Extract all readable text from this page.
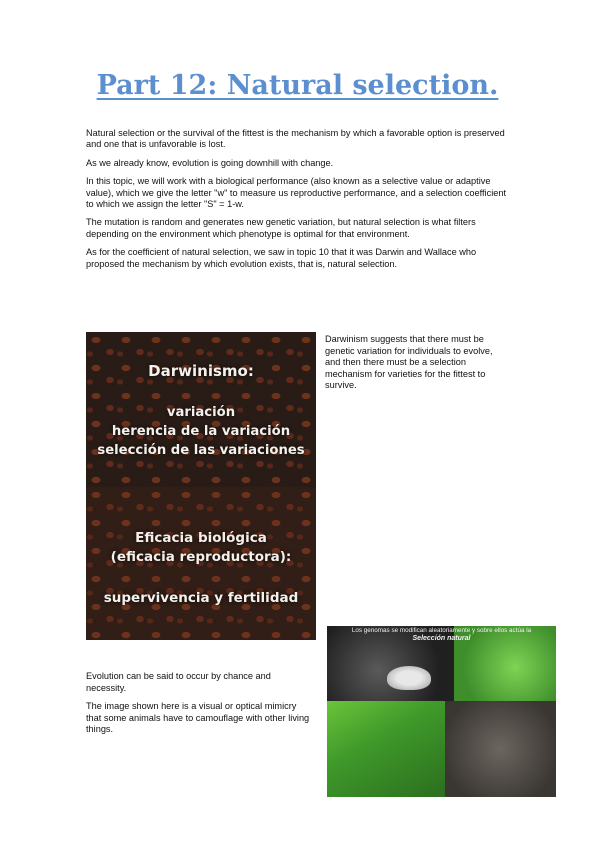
Part 12: Natural selection.

Natural selection or the survival of the fittest is the mechanism by which a favorable option is preserved and one that is unfavorable is lost.

As we already know, evolution is going downhill with change.

In this topic, we will work with a biological performance (also known as a selective value or adaptive value), which we give the letter "w" to measure us reproductive performance, and a selection coefficient to which we assign the letter "S" = 1-w.

The mutation is random and generates new genetic variation, but natural selection is what filters depending on the environment which phenotype is optimal for that environment.

As for the coefficient of natural selection, we saw in topic 10 that it was Darwin and Wallace who proposed the mechanism by which evolution exists, that is, natural selection.

Darwinismo:
variación
herencia de la variación
selección de las variaciones
Eficacia biológica
(eficacia reproductora):
supervivencia y fertilidad

Darwinism suggests that there must be genetic variation for individuals to evolve, and then there must be a selection mechanism for varieties for the fittest to survive.

Evolution can be said to occur by chance and necessity.

The image shown here is a visual or optical mimicry that some animals have to camouflage with other living things.

Los genomas se modifican aleatoriamente y sobre ellos actúa la
Selección natural
